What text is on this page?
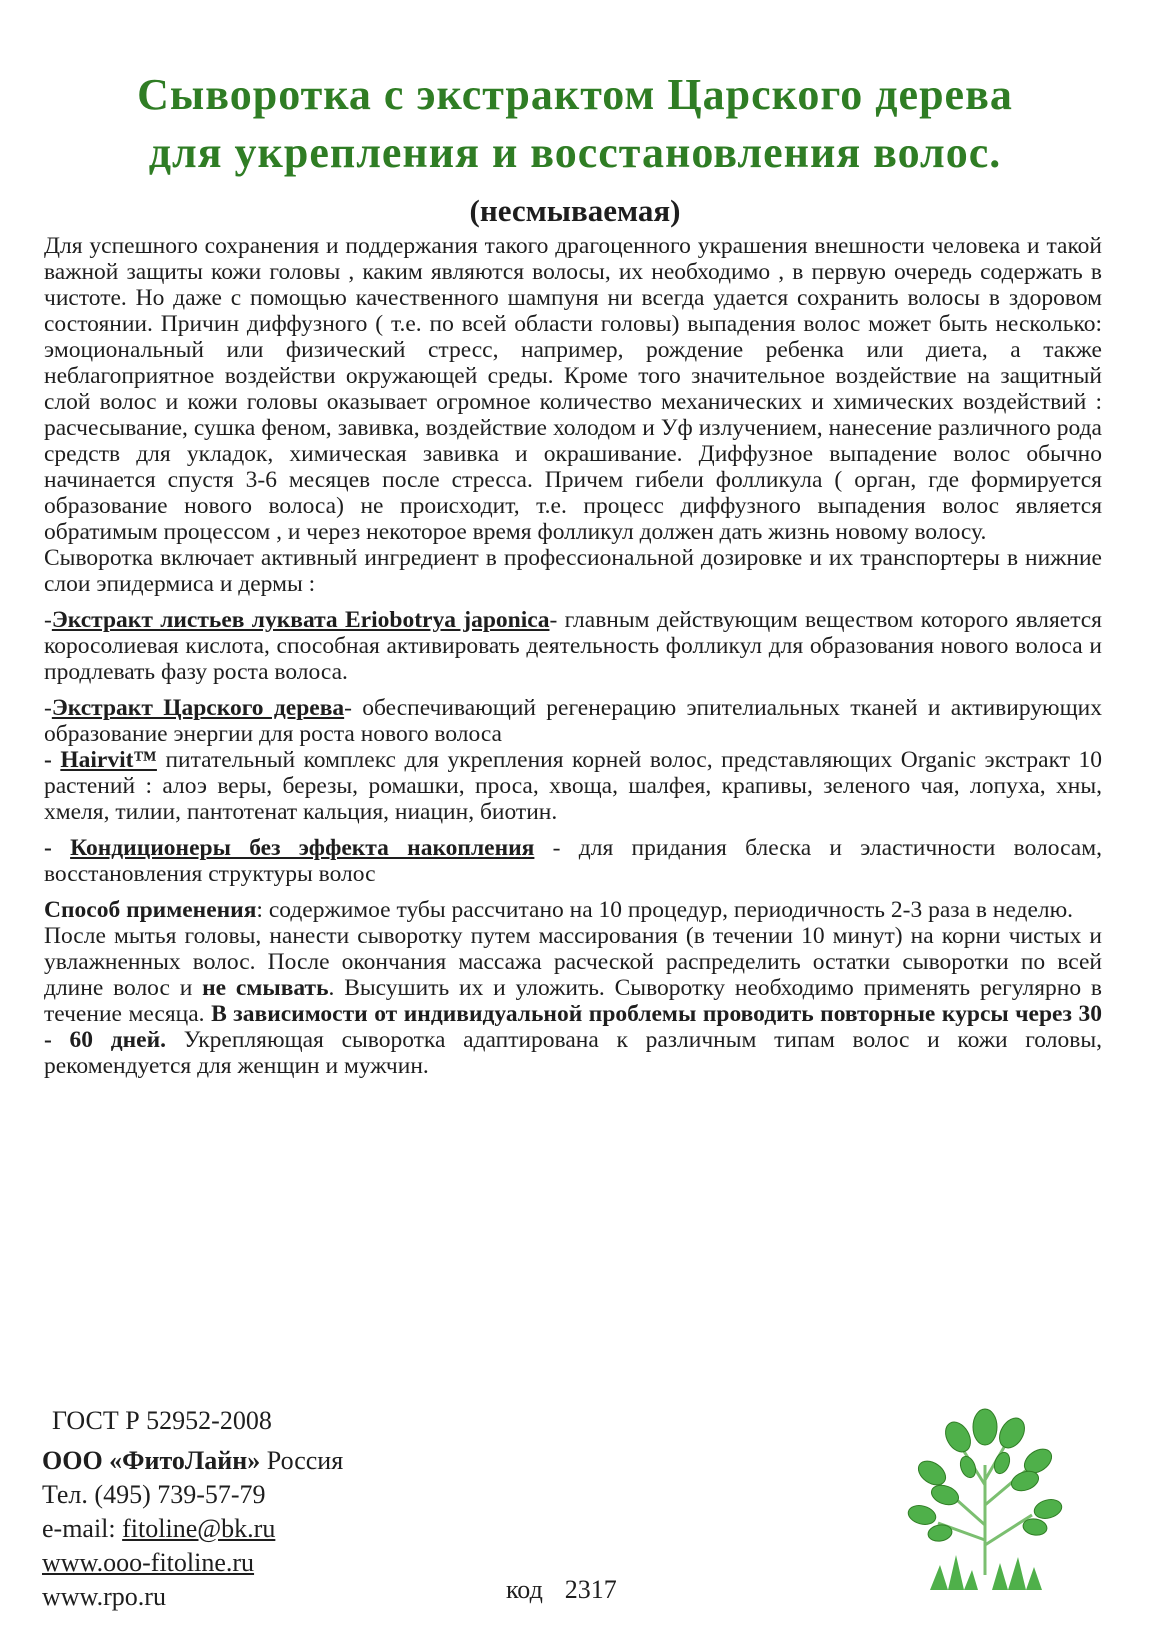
Сыворотка с экстрактом Царского дерева
для укрепления и восстановления волос.
(несмываемая)

Для успешного сохранения и поддержания такого драгоценного украшения внешности человека и такой важной защиты кожи головы , каким являются волосы, их необходимо , в первую очередь содержать в чистоте. Но даже с помощью качественного шампуня ни всегда удается сохранить волосы в здоровом состоянии. Причин диффузного ( т.е. по всей области головы) выпадения волос может быть несколько: эмоциональный или физический стресс, например, рождение ребенка или диета, а также неблагоприятное воздействи окружающей среды. Кроме того значительное воздействие на защитный слой волос и кожи головы оказывает огромное количество механических и химических воздействий : расчесывание, сушка феном, завивка, воздействие холодом и Уф излучением, нанесение различного рода средств для укладок, химическая завивка и окрашивание. Диффузное выпадение волос обычно начинается спустя 3-6 месяцев после стресса. Причем гибели фолликула ( орган, где формируется образование нового волоса) не происходит, т.е. процесс диффузного выпадения волос является обратимым процессом , и через некоторое время фолликул должен дать жизнь новому волосу.

Сыворотка включает активный ингредиент в профессиональной дозировке и их транспортеры в нижние слои эпидермиса и дермы :

-Экстракт листьев луквата Eriobotrya japonica- главным действующим веществом которого является коросолиевая кислота, способная активировать деятельность фолликул для образования нового волоса и продлевать фазу роста волоса.

-Экстракт Царского дерева- обеспечивающий регенерацию эпителиальных тканей и активирующих образование энергии для роста нового волоса

- Hairvit™ питательный комплекс для укрепления корней волос, представляющих Organic экстракт 10 растений : алоэ веры, березы, ромашки, проса, хвоща, шалфея, крапивы, зеленого чая, лопуха, хны, хмеля, тилии, пантотенат кальция, ниацин, биотин.

- Кондиционеры без эффекта накопления - для придания блеска и эластичности волосам, восстановления структуры волос

Способ применения: содержимое тубы рассчитано на 10 процедур, периодичность 2-3 раза в неделю.

После мытья головы, нанести сыворотку путем массирования (в течении 10 минут) на корни чистых и увлажненных волос. После окончания массажа расческой распределить остатки сыворотки по всей длине волос и не смывать. Высушить их и уложить. Сыворотку необходимо применять регулярно в течение месяца. В зависимости от индивидуальной проблемы проводить повторные курсы через 30 - 60 дней. Укрепляющая сыворотка адаптирована к различным типам волос и кожи головы, рекомендуется для женщин и мужчин.

ГОСТ Р 52952-2008
ООО «ФитоЛайн» Россия
Тел. (495) 739-57-79
e-mail: fitoline@bk.ru
www.ooo-fitoline.ru
www.rpo.ru	код 2317
